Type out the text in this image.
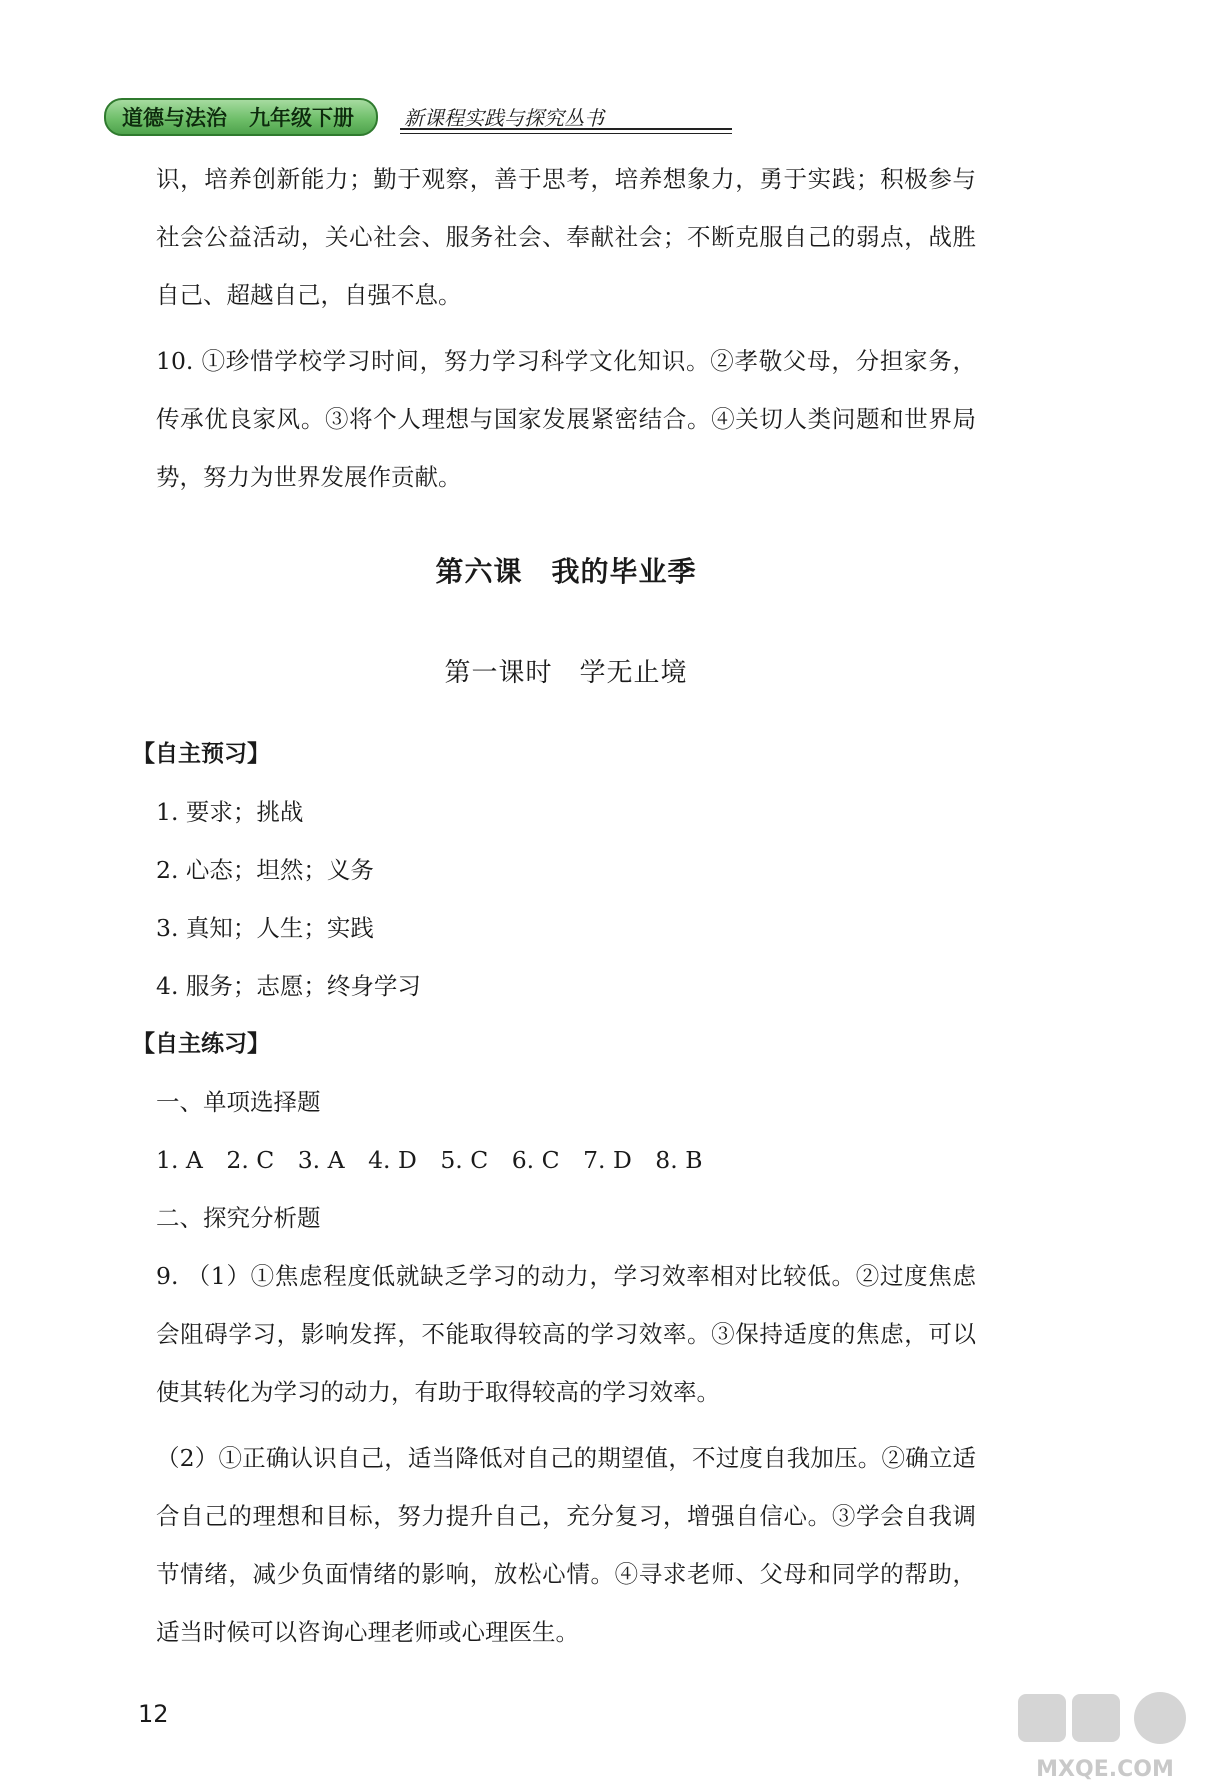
道德与法治 九年级下册	新课程实践与探究丛书

识，培养创新能力；勤于观察，善于思考，培养想象力，勇于实践；积极参与社会公益活动，关心社会、服务社会、奉献社会；不断克服自己的弱点，战胜自己、超越自己，自强不息。

10. ①珍惜学校学习时间，努力学习科学文化知识。②孝敬父母，分担家务，传承优良家风。③将个人理想与国家发展紧密结合。④关切人类问题和世界局势，努力为世界发展作贡献。

第六课　我的毕业季

第一课时　学无止境

【自主预习】

1. 要求；挑战

2. 心态；坦然；义务

3. 真知；人生；实践

4. 服务；志愿；终身学习

【自主练习】

一、单项选择题

1. A　2. C　3. A　4. D　5. C　6. C　7. D　8. B

二、探究分析题

9. （1）①焦虑程度低就缺乏学习的动力，学习效率相对比较低。②过度焦虑会阻碍学习，影响发挥，不能取得较高的学习效率。③保持适度的焦虑，可以使其转化为学习的动力，有助于取得较高的学习效率。

（2）①正确认识自己，适当降低对自己的期望值，不过度自我加压。②确立适合自己的理想和目标，努力提升自己，充分复习，增强自信心。③学会自我调节情绪，减少负面情绪的影响，放松心情。④寻求老师、父母和同学的帮助，适当时候可以咨询心理老师或心理医生。

12
MXQE.COM
